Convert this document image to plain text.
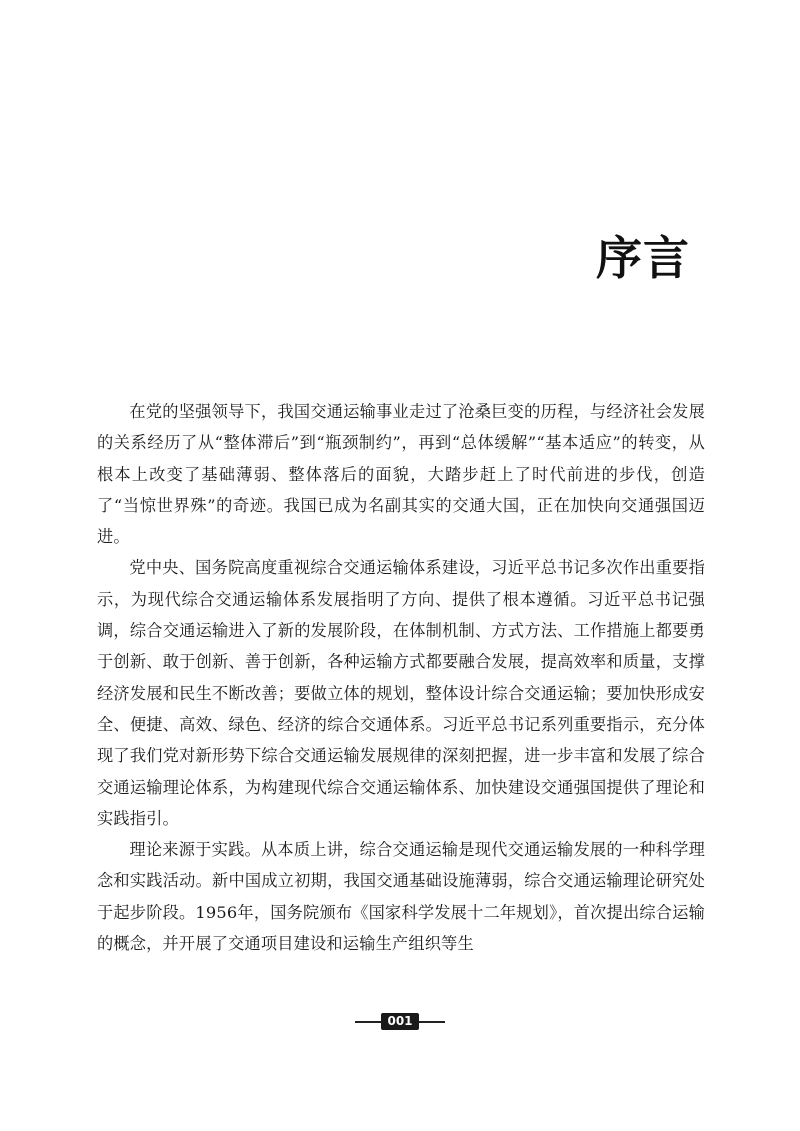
序言

在党的坚强领导下，我国交通运输事业走过了沧桑巨变的历程，与经济社会发展的关系经历了从“整体滞后”到“瓶颈制约”，再到“总体缓解”“基本适应”的转变，从根本上改变了基础薄弱、整体落后的面貌，大踏步赶上了时代前进的步伐，创造了“当惊世界殊”的奇迹。我国已成为名副其实的交通大国，正在加快向交通强国迈进。

党中央、国务院高度重视综合交通运输体系建设，习近平总书记多次作出重要指示，为现代综合交通运输体系发展指明了方向、提供了根本遵循。习近平总书记强调，综合交通运输进入了新的发展阶段，在体制机制、方式方法、工作措施上都要勇于创新、敢于创新、善于创新，各种运输方式都要融合发展，提高效率和质量，支撑经济发展和民生不断改善；要做立体的规划，整体设计综合交通运输；要加快形成安全、便捷、高效、绿色、经济的综合交通体系。习近平总书记系列重要指示，充分体现了我们党对新形势下综合交通运输发展规律的深刻把握，进一步丰富和发展了综合交通运输理论体系，为构建现代综合交通运输体系、加快建设交通强国提供了理论和实践指引。

理论来源于实践。从本质上讲，综合交通运输是现代交通运输发展的一种科学理念和实践活动。新中国成立初期，我国交通基础设施薄弱，综合交通运输理论研究处于起步阶段。1956年，国务院颁布《国家科学发展十二年规划》，首次提出综合运输的概念，并开展了交通项目建设和运输生产组织等生

001
